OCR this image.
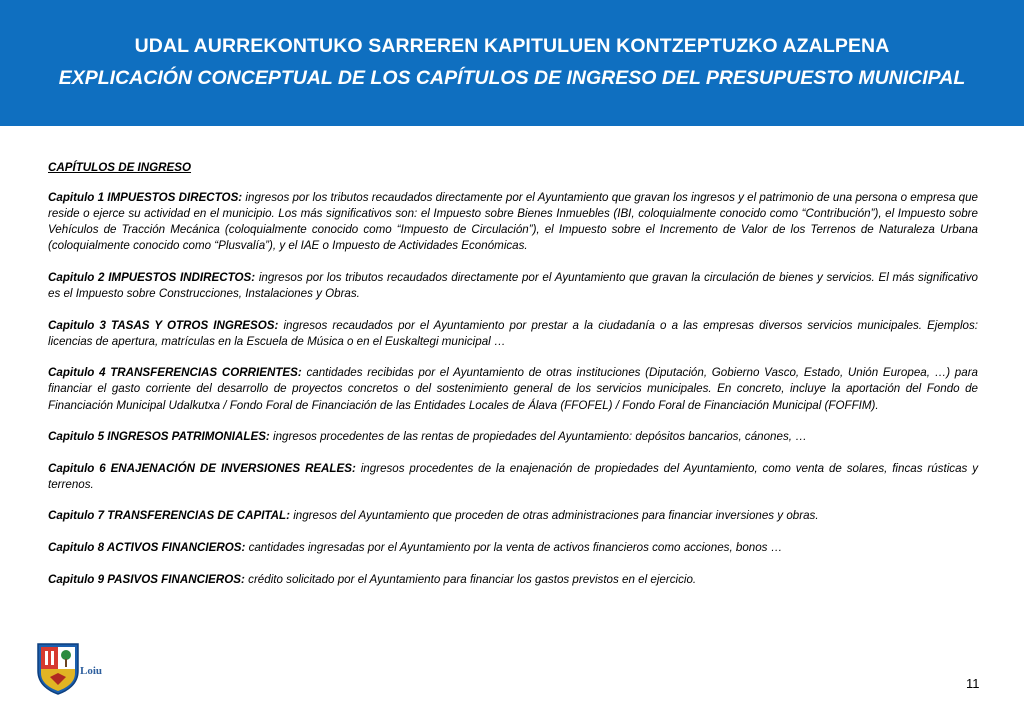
UDAL AURREKONTUKO SARREREN KAPITULUEN KONTZEPTUZKO AZALPENA
EXPLICACIÓN CONCEPTUAL DE LOS CAPÍTULOS DE INGRESO DEL PRESUPUESTO MUNICIPAL

CAPÍTULOS DE INGRESO

Capitulo 1 IMPUESTOS DIRECTOS: ingresos por los tributos recaudados directamente por el Ayuntamiento que gravan los ingresos y el patrimonio de una persona o empresa que reside o ejerce su actividad en el municipio. Los más significativos son: el Impuesto sobre Bienes Inmuebles (IBI, coloquialmente conocido como “Contribución”), el Impuesto sobre Vehículos de Tracción Mecánica (coloquialmente conocido como “Impuesto de Circulación”), el Impuesto sobre el Incremento de Valor de los Terrenos de Naturaleza Urbana (coloquialmente conocido como “Plusvalía”), y el IAE o Impuesto de Actividades Económicas.

Capitulo 2 IMPUESTOS INDIRECTOS: ingresos por los tributos recaudados directamente por el Ayuntamiento que gravan la circulación de bienes y servicios. El más significativo es el Impuesto sobre Construcciones, Instalaciones y Obras.

Capitulo 3 TASAS Y OTROS INGRESOS: ingresos recaudados por el Ayuntamiento por prestar a la ciudadanía o a las empresas diversos servicios municipales. Ejemplos: licencias de apertura, matrículas en la Escuela de Música o en el Euskaltegi municipal …

Capitulo 4 TRANSFERENCIAS CORRIENTES: cantidades recibidas por el Ayuntamiento de otras instituciones (Diputación, Gobierno Vasco, Estado, Unión Europea, …) para financiar el gasto corriente del desarrollo de proyectos concretos o del sostenimiento general de los servicios municipales. En concreto, incluye la aportación del Fondo de Financiación Municipal Udalkutxa / Fondo Foral de Financiación de las Entidades Locales de Álava (FFOFEL) / Fondo Foral de Financiación Municipal (FOFFIM).

Capitulo 5 INGRESOS PATRIMONIALES: ingresos procedentes de las rentas de propiedades del Ayuntamiento: depósitos bancarios, cánones, …

Capitulo 6 ENAJENACIÓN DE INVERSIONES REALES: ingresos procedentes de la enajenación de propiedades del Ayuntamiento, como venta de solares, fincas rústicas y terrenos.

Capitulo 7 TRANSFERENCIAS DE CAPITAL: ingresos del Ayuntamiento que proceden de otras administraciones para financiar inversiones y obras.

Capitulo 8 ACTIVOS FINANCIEROS: cantidades ingresadas por el Ayuntamiento por la venta de activos financieros como acciones, bonos …

Capitulo 9 PASIVOS FINANCIEROS: crédito solicitado por el Ayuntamiento para financiar los gastos previstos en el ejercicio.

Loiu
11
